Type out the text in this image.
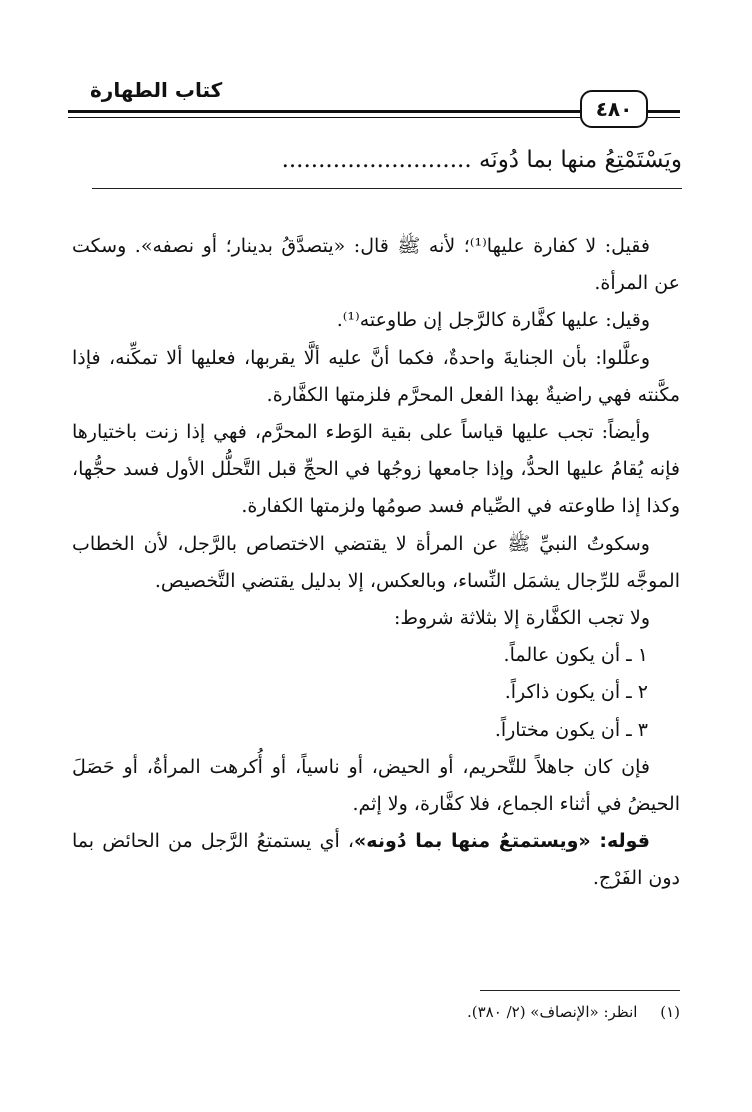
كتاب الطهارة
٤٨٠
ويَسْتَمْتِعُ منها بما دُونَه ..........................

فقيل: لا كفارة عليها⁽¹⁾؛ لأنه ﷺ قال: «يتصدَّقُ بدينار؛ أو نصفه». وسكت عن المرأة.

وقيل: عليها كفَّارة كالرَّجل إن طاوعته⁽¹⁾.

وعلَّلوا: بأن الجنايةَ واحدةٌ، فكما أنَّ عليه ألَّا يقربها، فعليها ألا تمكِّنه، فإذا مكَّنته فهي راضيةٌ بهذا الفعل المحرَّم فلزمتها الكفَّارة.

وأيضاً: تجب عليها قياساً على بقية الوَطء المحرَّم، فهي إذا زنت باختيارها فإنه يُقامُ عليها الحدُّ، وإذا جامعها زوجُها في الحجِّ قبل التَّحلُّل الأول فسد حجُّها، وكذا إذا طاوعته في الصِّيام فسد صومُها ولزمتها الكفارة.

وسكوتُ النبيِّ ﷺ عن المرأة لا يقتضي الاختصاص بالرَّجل، لأن الخطاب الموجَّه للرِّجال يشمَل النِّساء، وبالعكس، إلا بدليل يقتضي التَّخصيص.

ولا تجب الكفَّارة إلا بثلاثة شروط:

١ ـ أن يكون عالماً.

٢ ـ أن يكون ذاكراً.

٣ ـ أن يكون مختاراً.

فإن كان جاهلاً للتَّحريم، أو الحيض، أو ناسياً، أو أُكرهت المرأةُ، أو حَصَلَ الحيضُ في أثناء الجماع، فلا كفَّارة، ولا إثم.

قوله: «ويستمتعُ منها بما دُونه»، أي يستمتعُ الرَّجل من الحائض بما دون الفَرْج.

(١) انظر: «الإنصاف» (٢/ ٣٨٠).
